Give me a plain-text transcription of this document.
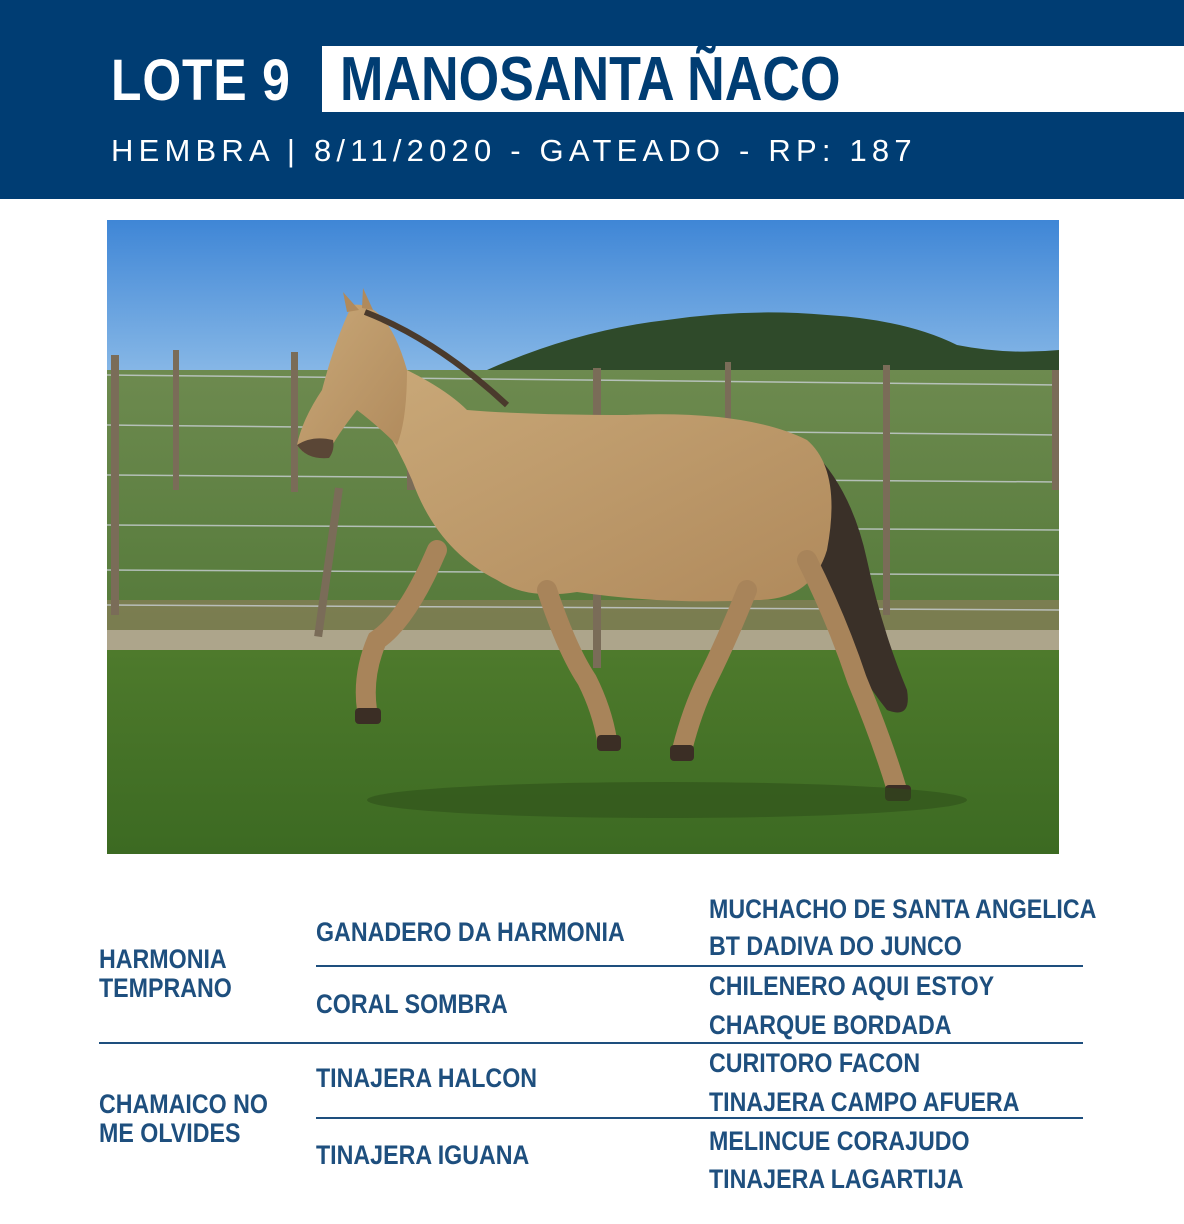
LOTE 9 MANOSANTA ÑACO
HEMBRA | 8/11/2020 - GATEADO - RP: 187
HARMONIA
TEMPRANO
CHAMAICO NO
ME OLVIDES
GANADERO DA HARMONIA
CORAL SOMBRA
TINAJERA HALCON
TINAJERA IGUANA
MUCHACHO DE SANTA ANGELICA
BT DADIVA DO JUNCO
CHILENERO AQUI ESTOY
CHARQUE BORDADA
CURITORO FACON
TINAJERA CAMPO AFUERA
MELINCUE CORAJUDO
TINAJERA LAGARTIJA
